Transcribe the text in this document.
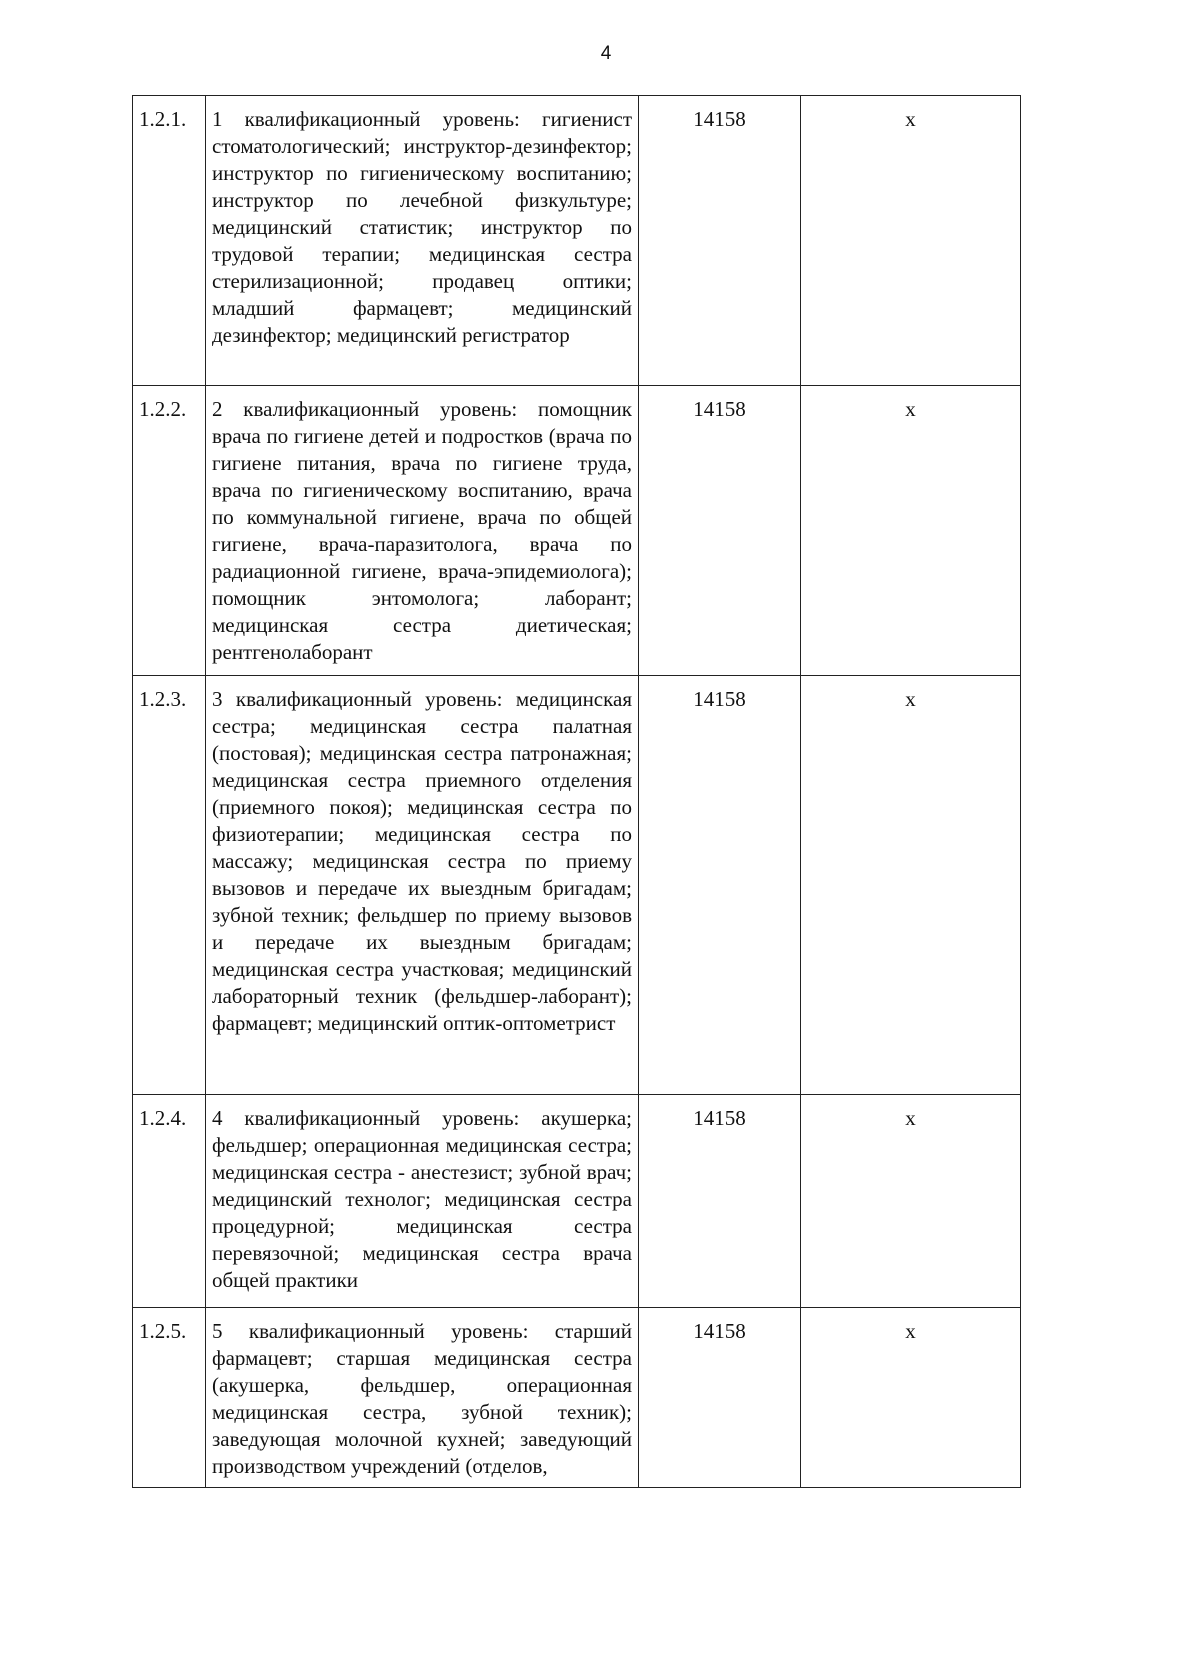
4
1.2.1.	1 квалификационный уровень: гигиенист стоматологический; инструктор-дезинфектор; инструктор по гигиеническому воспитанию; инструктор по лечебной физкультуре; медицинский статистик; инструктор по трудовой терапии; медицинская сестра стерилизационной; продавец оптики; младший фармацевт; медицинский дезинфектор; медицинский регистратор	14158	x
1.2.2.	2 квалификационный уровень: помощник врача по гигиене детей и подростков (врача по гигиене питания, врача по гигиене труда, врача по гигиеническому воспитанию, врача по коммунальной гигиене, врача по общей гигиене, врача-паразитолога, врача по радиационной гигиене, врача-эпидемиолога); помощник энтомолога; лаборант; медицинская сестра диетическая; рентгенолаборант	14158	x
1.2.3.	3 квалификационный уровень: медицинская сестра; медицинская сестра палатная (постовая); медицинская сестра патронажная; медицинская сестра приемного отделения (приемного покоя); медицинская сестра по физиотерапии; медицинская сестра по массажу; медицинская сестра по приему вызовов и передаче их выездным бригадам; зубной техник; фельдшер по приему вызовов и передаче их выездным бригадам; медицинская сестра участковая; медицинский лабораторный техник (фельдшер-лаборант); фармацевт; медицинский оптик-оптометрист	14158	x
1.2.4.	4 квалификационный уровень: акушерка; фельдшер; операционная медицинская сестра; медицинская сестра - анестезист; зубной врач; медицинский технолог; медицинская сестра процедурной; медицинская сестра перевязочной; медицинская сестра врача общей практики	14158	x
1.2.5.	5 квалификационный уровень: старший фармацевт; старшая медицинская сестра (акушерка, фельдшер, операционная медицинская сестра, зубной техник); заведующая молочной кухней; заведующий производством учреждений (отделов,	14158	x
